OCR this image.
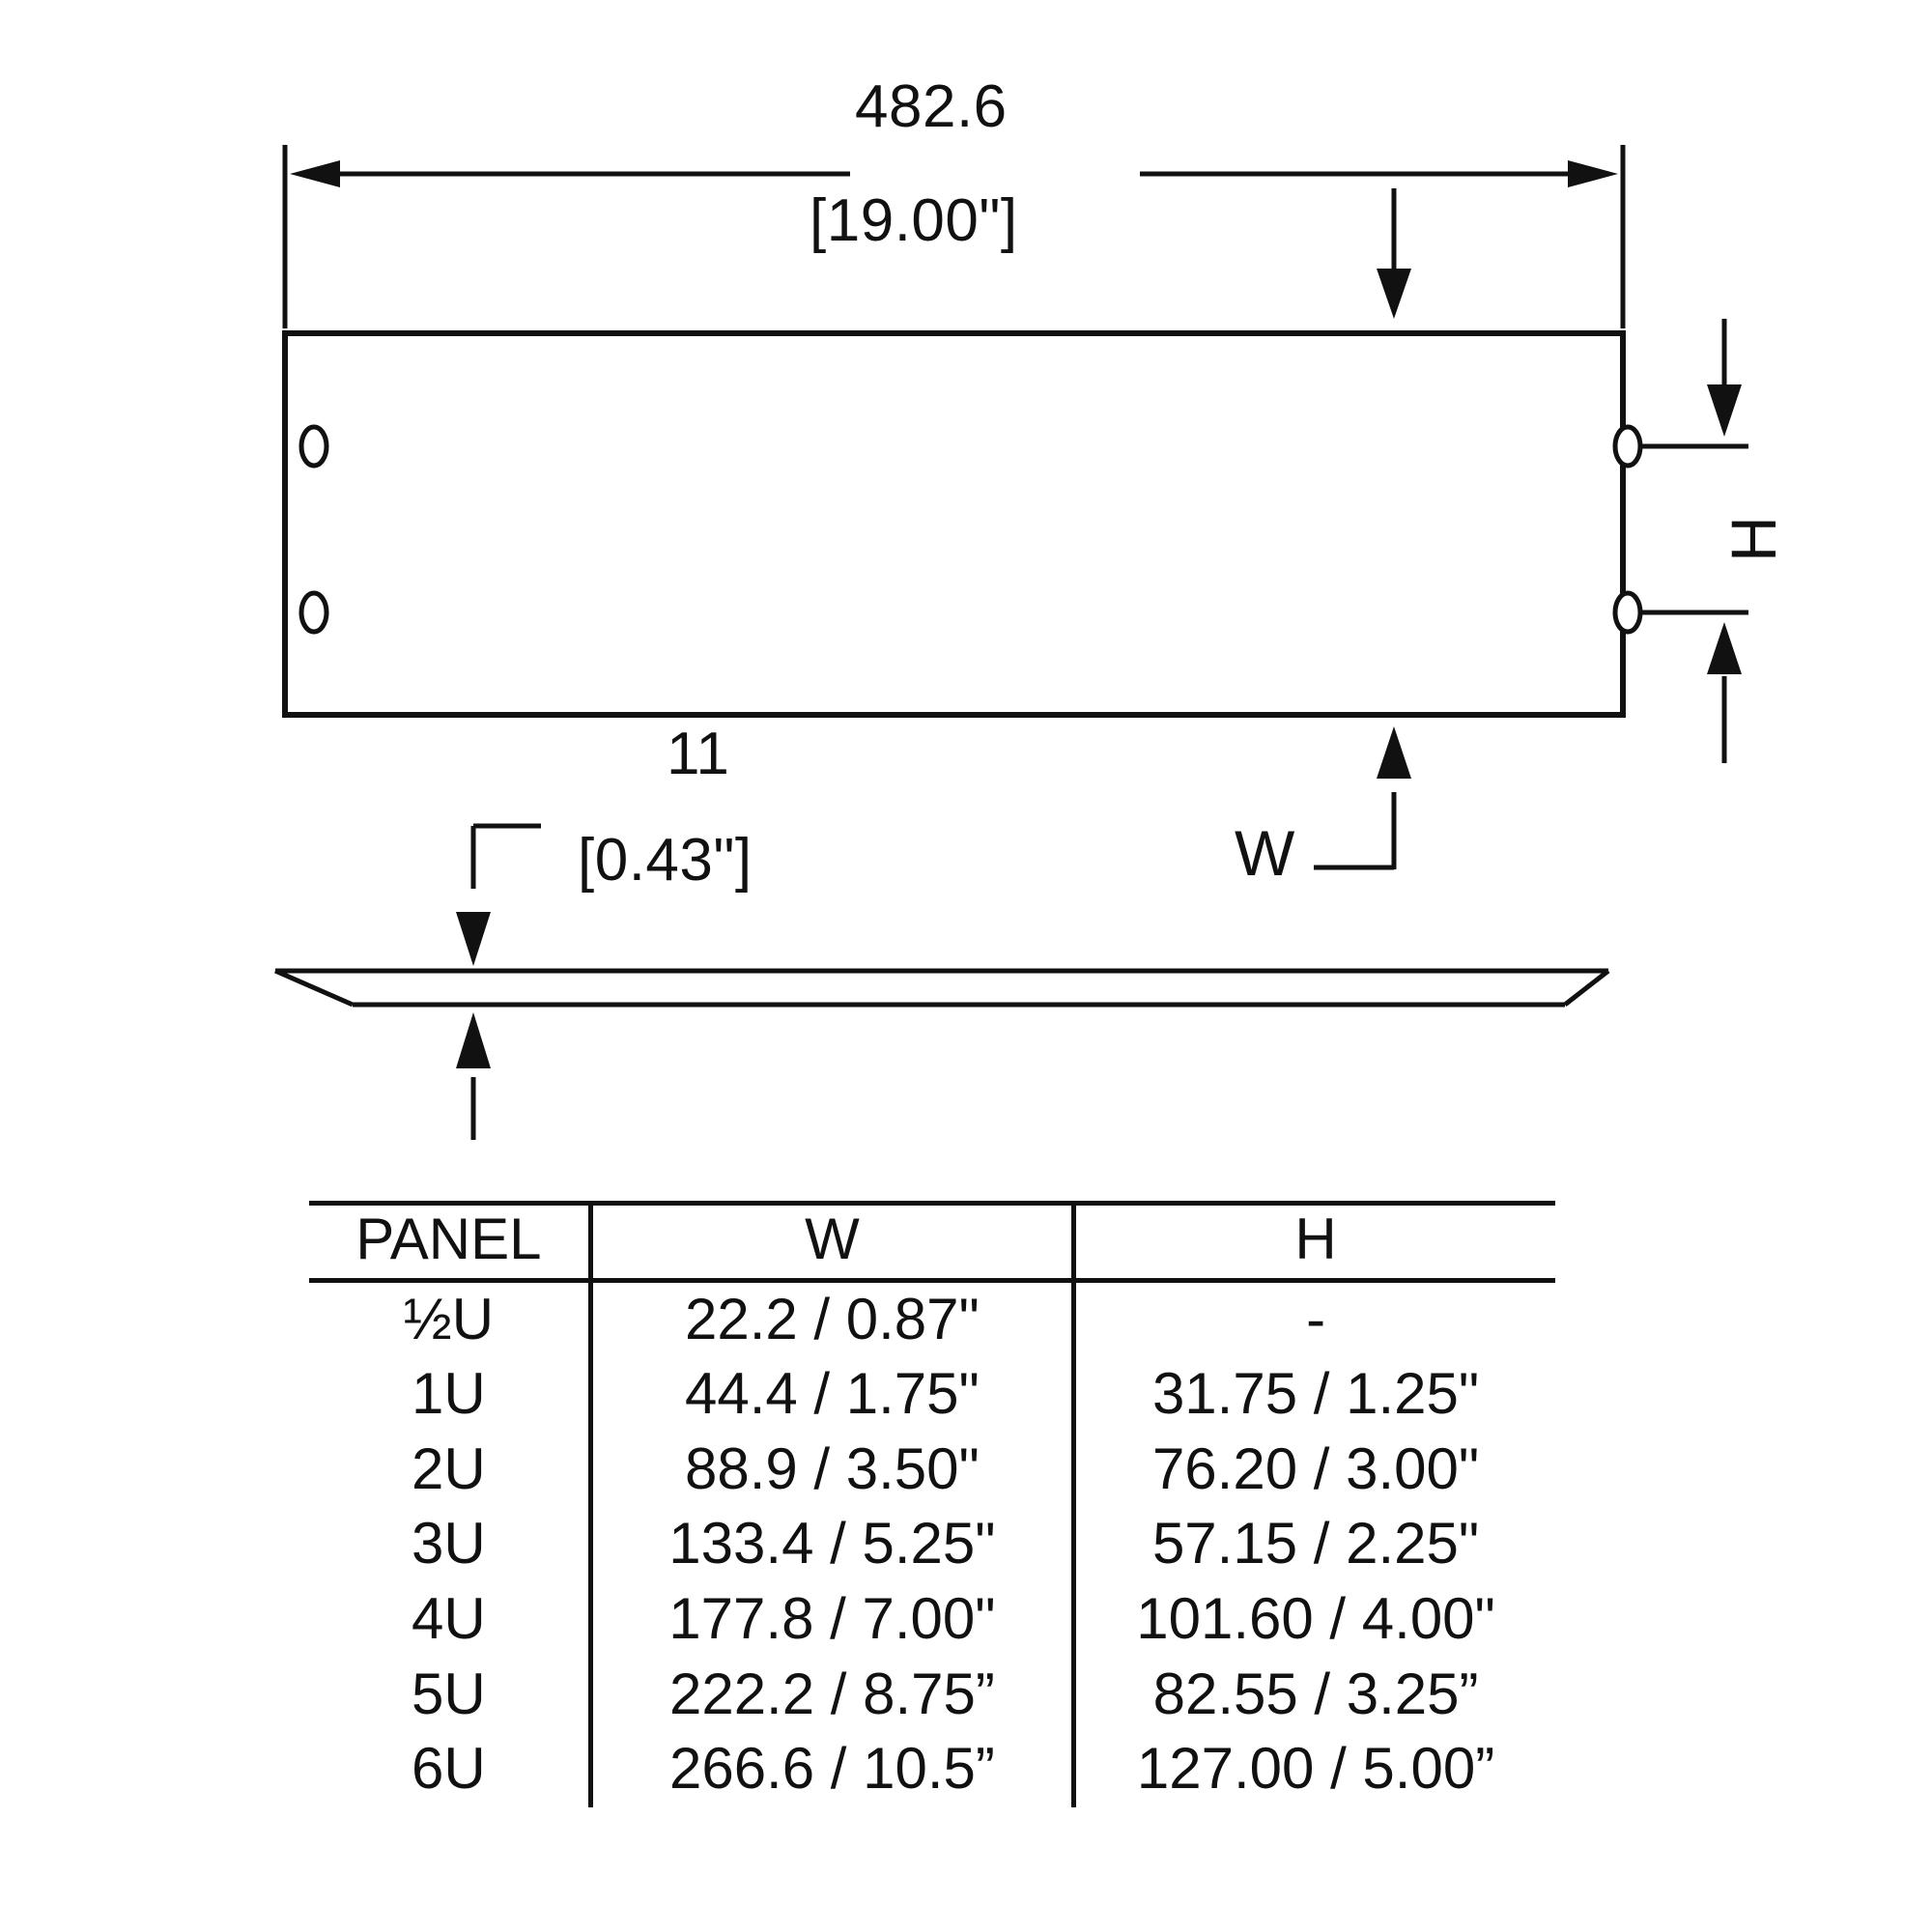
482.6
[19.00"]
11
[0.43"]	W
H
PANEL	W	H
½U	22.2 / 0.87"	-
1U	44.4 / 1.75"	31.75 / 1.25"
2U	88.9 / 3.50"	76.20 / 3.00"
3U	133.4 / 5.25"	57.15 / 2.25"
4U	177.8 / 7.00"	101.60 / 4.00"
5U	222.2 / 8.75”	82.55 / 3.25”
6U	266.6 / 10.5”	127.00 / 5.00”
